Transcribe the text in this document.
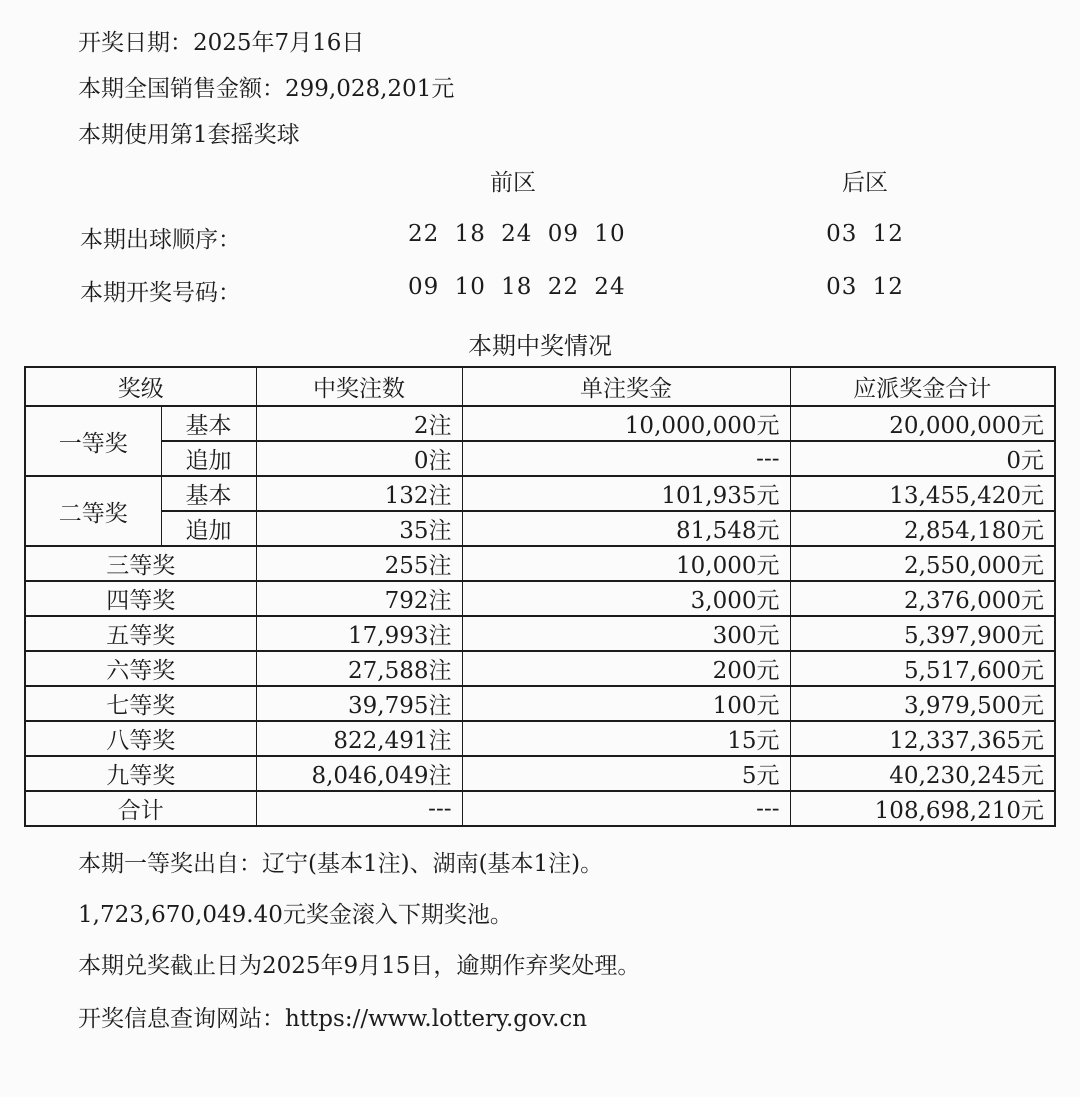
开奖日期：2025年7月16日
本期全国销售金额：299,028,201元
本期使用第1套摇奖球
前区	后区
本期出球顺序：	22 18 24 09 10	03 12
本期开奖号码：	09 10 18 22 24	03 12
本期中奖情况
奖级		中奖注数	单注奖金	应派奖金合计
一等奖	基本	2注	10,000,000元	20,000,000元
	追加	0注	---	0元
二等奖	基本	132注	101,935元	13,455,420元
	追加	35注	81,548元	2,854,180元
三等奖		255注	10,000元	2,550,000元
四等奖		792注	3,000元	2,376,000元
五等奖		17,993注	300元	5,397,900元
六等奖		27,588注	200元	5,517,600元
七等奖		39,795注	100元	3,979,500元
八等奖		822,491注	15元	12,337,365元
九等奖		8,046,049注	5元	40,230,245元
合计		---	---	108,698,210元
本期一等奖出自：辽宁(基本1注)、湖南(基本1注)。
1,723,670,049.40元奖金滚入下期奖池。
本期兑奖截止日为2025年9月15日，逾期作弃奖处理。
开奖信息查询网站：https://www.lottery.gov.cn
